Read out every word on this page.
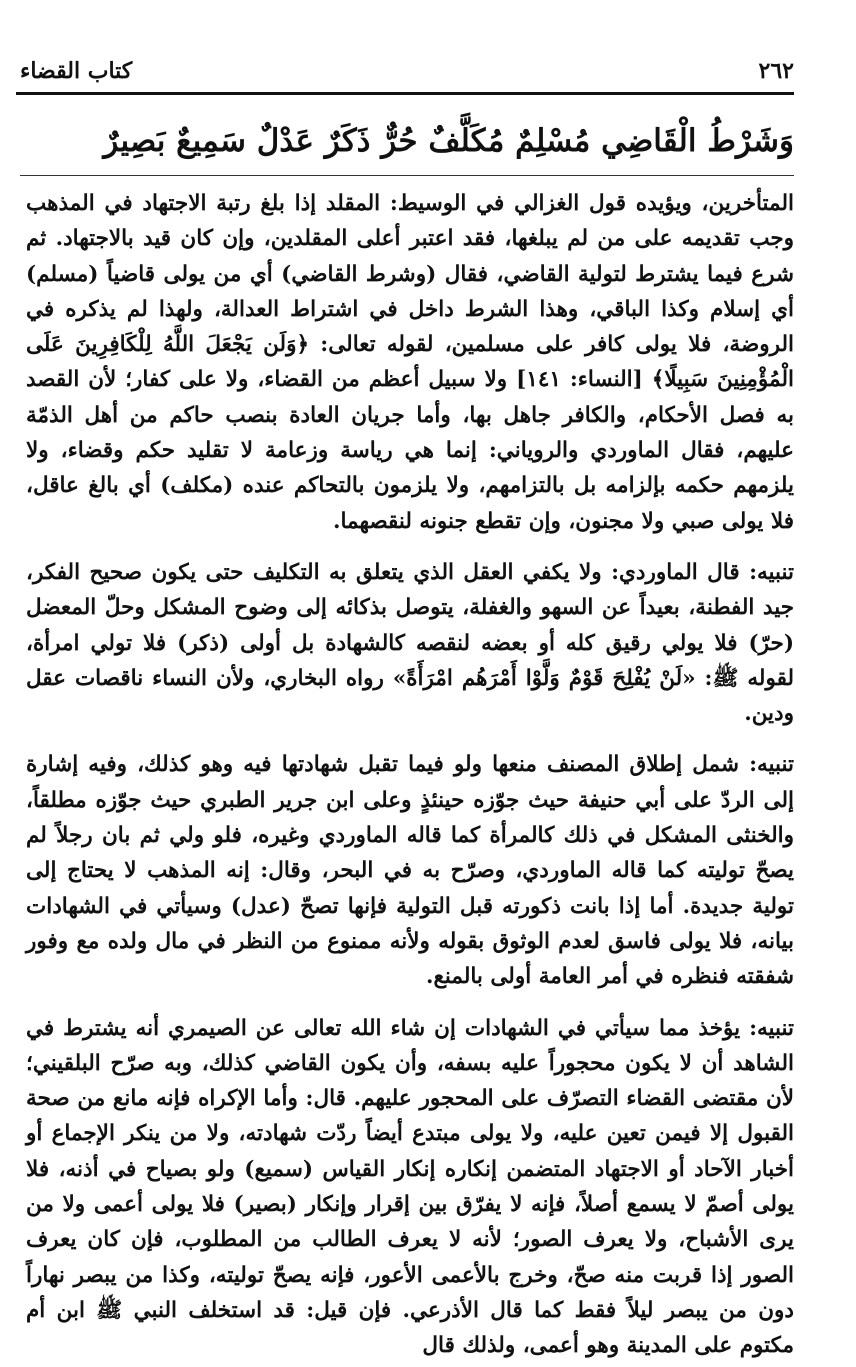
٢٦٢
كتاب القضاء
وَشَرْطُ الْقَاضِي مُسْلِمٌ مُكَلَّفٌ حُرٌّ ذَكَرٌ عَدْلٌ سَمِيعٌ بَصِيرٌ

المتأخرين، ويؤيده قول الغزالي في الوسيط: المقلد إذا بلغ رتبة الاجتهاد في المذهب وجب تقديمه على من لم يبلغها، فقد اعتبر أعلى المقلدين، وإن كان قيد بالاجتهاد. ثم شرع فيما يشترط لتولية القاضي، فقال (وشرط القاضي) أي من يولى قاضياً (مسلم) أي إسلام وكذا الباقي، وهذا الشرط داخل في اشتراط العدالة، ولهذا لم يذكره في الروضة، فلا يولى كافر على مسلمين، لقوله تعالى: ﴿وَلَن يَجْعَلَ اللَّهُ لِلْكَافِرِينَ عَلَى الْمُؤْمِنِينَ سَبِيلًا﴾ [النساء: ١٤١] ولا سبيل أعظم من القضاء، ولا على كفار؛ لأن القصد به فصل الأحكام، والكافر جاهل بها، وأما جريان العادة بنصب حاكم من أهل الذمّة عليهم، فقال الماوردي والروياني: إنما هي رياسة وزعامة لا تقليد حكم وقضاء، ولا يلزمهم حكمه بإلزامه بل بالتزامهم، ولا يلزمون بالتحاكم عنده (مكلف) أي بالغ عاقل، فلا يولى صبي ولا مجنون، وإن تقطع جنونه لنقصهما.

تنبيه: قال الماوردي: ولا يكفي العقل الذي يتعلق به التكليف حتى يكون صحيح الفكر، جيد الفطنة، بعيداً عن السهو والغفلة، يتوصل بذكائه إلى وضوح المشكل وحلّ المعضل (حرّ) فلا يولي رقيق كله أو بعضه لنقصه كالشهادة بل أولى (ذكر) فلا تولي امرأة، لقوله ﷺ: «لَنْ يُفْلِحَ قَوْمٌ وَلَّوْا أَمْرَهُم امْرَأَةً» رواه البخاري، ولأن النساء ناقصات عقل ودين.

تنبيه: شمل إطلاق المصنف منعها ولو فيما تقبل شهادتها فيه وهو كذلك، وفيه إشارة إلى الردّ على أبي حنيفة حيث جوّزه حينئذٍ وعلى ابن جرير الطبري حيث جوّزه مطلقاً، والخنثى المشكل في ذلك كالمرأة كما قاله الماوردي وغيره، فلو ولي ثم بان رجلاً لم يصحّ توليته كما قاله الماوردي، وصرّح به في البحر، وقال: إنه المذهب لا يحتاج إلى تولية جديدة. أما إذا بانت ذكورته قبل التولية فإنها تصحّ (عدل) وسيأتي في الشهادات بيانه، فلا يولى فاسق لعدم الوثوق بقوله ولأنه ممنوع من النظر في مال ولده مع وفور شفقته فنظره في أمر العامة أولى بالمنع.

تنبيه: يؤخذ مما سيأتي في الشهادات إن شاء الله تعالى عن الصيمري أنه يشترط في الشاهد أن لا يكون محجوراً عليه بسفه، وأن يكون القاضي كذلك، وبه صرّح البلقيني؛ لأن مقتضى القضاء التصرّف على المحجور عليهم. قال: وأما الإكراه فإنه مانع من صحة القبول إلا فيمن تعين عليه، ولا يولى مبتدع أيضاً ردّت شهادته، ولا من ينكر الإجماع أو أخبار الآحاد أو الاجتهاد المتضمن إنكاره إنكار القياس (سميع) ولو بصياح في أذنه، فلا يولى أصمّ لا يسمع أصلاً، فإنه لا يفرّق بين إقرار وإنكار (بصير) فلا يولى أعمى ولا من يرى الأشباح، ولا يعرف الصور؛ لأنه لا يعرف الطالب من المطلوب، فإن كان يعرف الصور إذا قربت منه صحّ، وخرج بالأعمى الأعور، فإنه يصحّ توليته، وكذا من يبصر نهاراً دون من يبصر ليلاً فقط كما قال الأذرعي. فإن قيل: قد استخلف النبي ﷺ ابن أم مكتوم على المدينة وهو أعمى، ولذلك قال
